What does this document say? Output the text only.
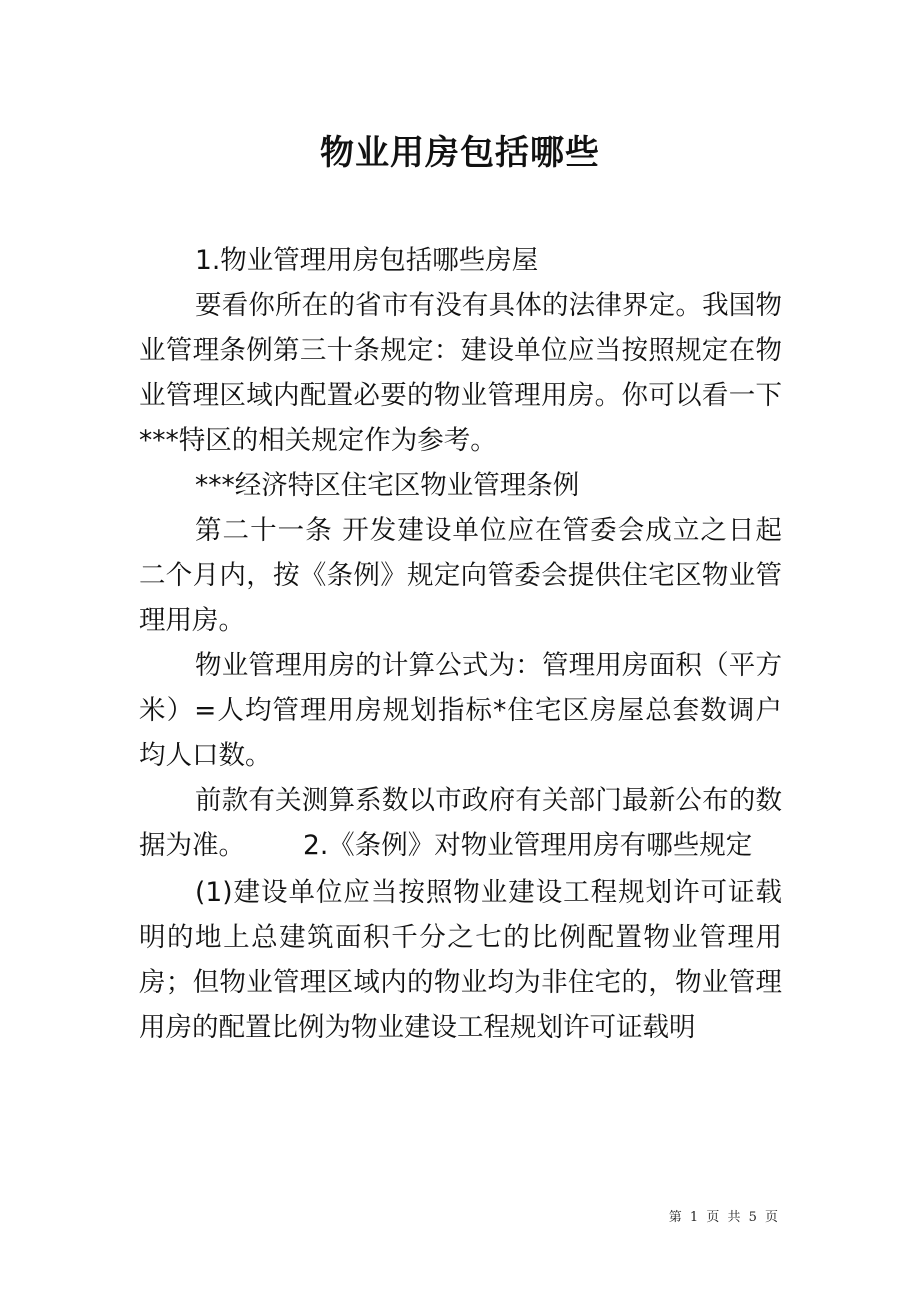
物业用房包括哪些

1.物业管理用房包括哪些房屋

要看你所在的省市有没有具体的法律界定。我国物业管理条例第三十条规定：建设单位应当按照规定在物业管理区域内配置必要的物业管理用房。你可以看一下***特区的相关规定作为参考。

***经济特区住宅区物业管理条例

第二十一条 开发建设单位应在管委会成立之日起二个月内，按《条例》规定向管委会提供住宅区物业管理用房。

物业管理用房的计算公式为：管理用房面积（平方米）=人均管理用房规划指标*住宅区房屋总套数调户均人口数。

前款有关测算系数以市政府有关部门最新公布的数据为准。 2.《条例》对物业管理用房有哪些规定

(1)建设单位应当按照物业建设工程规划许可证载明的地上总建筑面积千分之七的比例配置物业管理用房；但物业管理区域内的物业均为非住宅的，物业管理用房的配置比例为物业建设工程规划许可证载明

第 1 页 共 5 页
